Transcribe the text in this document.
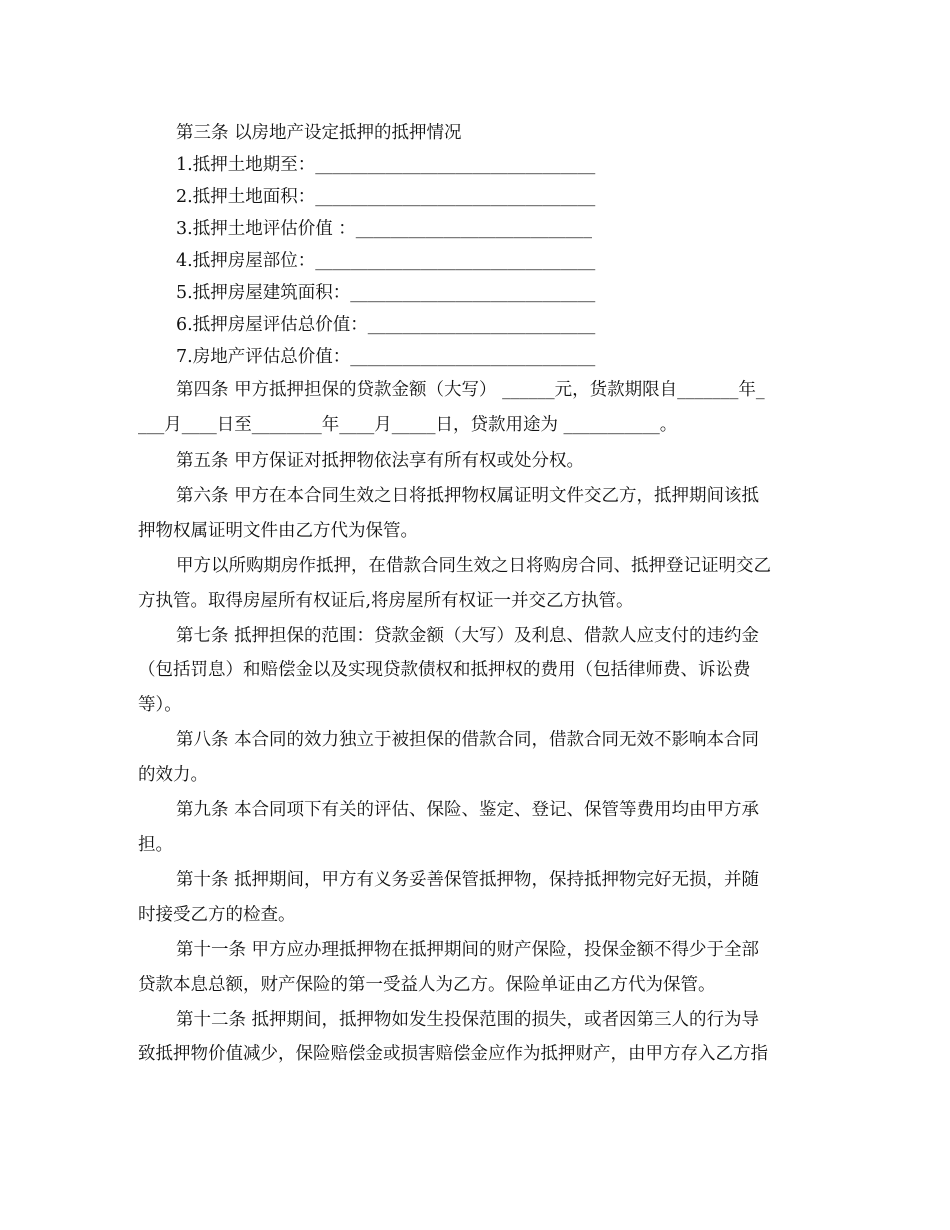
第三条 以房地产设定抵押的抵押情况
1.抵押土地期至：________________________________
2.抵押土地面积：________________________________
3.抵押土地评估价值 ：___________________________
4.抵押房屋部位：________________________________
5.抵押房屋建筑面积：____________________________
6.抵押房屋评估总价值：__________________________
7.房地产评估总价值：____________________________
第四条 甲方抵押担保的贷款金额（大写） ______元，货款期限自_______年_
___月____日至________年____月_____日，贷款用途为 ___________。
第五条 甲方保证对抵押物依法享有所有权或处分权。
第六条 甲方在本合同生效之日将抵押物权属证明文件交乙方，抵押期间该抵
押物权属证明文件由乙方代为保管。
甲方以所购期房作抵押，在借款合同生效之日将购房合同、抵押登记证明交乙
方执管。取得房屋所有权证后,将房屋所有权证一并交乙方执管。
第七条 抵押担保的范围：贷款金额（大写）及利息、借款人应支付的违约金
（包括罚息）和赔偿金以及实现贷款债权和抵押权的费用（包括律师费、诉讼费
等）。
第八条 本合同的效力独立于被担保的借款合同，借款合同无效不影响本合同
的效力。
第九条 本合同项下有关的评估、保险、鉴定、登记、保管等费用均由甲方承
担。
第十条 抵押期间，甲方有义务妥善保管抵押物，保持抵押物完好无损，并随
时接受乙方的检查。
第十一条 甲方应办理抵押物在抵押期间的财产保险，投保金额不得少于全部
贷款本息总额，财产保险的第一受益人为乙方。保险单证由乙方代为保管。
第十二条 抵押期间，抵押物如发生投保范围的损失，或者因第三人的行为导
致抵押物价值减少，保险赔偿金或损害赔偿金应作为抵押财产，由甲方存入乙方指
